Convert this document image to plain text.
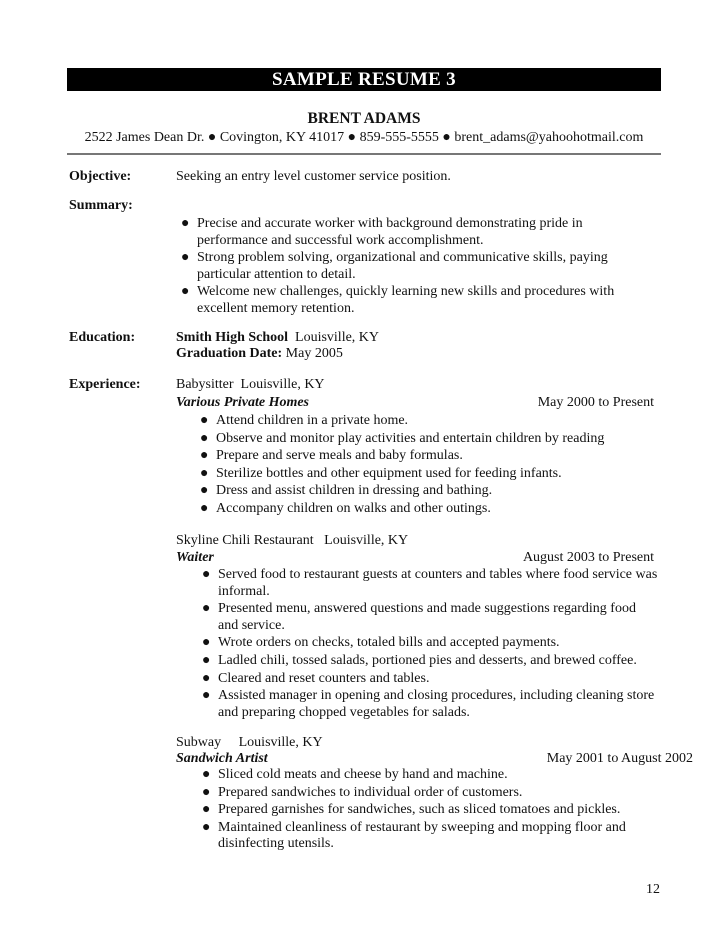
SAMPLE RESUME 3
BRENT ADAMS
2522 James Dean Dr. ● Covington, KY 41017 ● 859-555-5555 ● brent_adams@yahoohotmail.com
Objective:	Seeking an entry level customer service position.
Summary:
● Precise and accurate worker with background demonstrating pride in performance and successful work accomplishment.
● Strong problem solving, organizational and communicative skills, paying particular attention to detail.
● Welcome new challenges, quickly learning new skills and procedures with excellent memory retention.
Education:	Smith High School Louisville, KY
Graduation Date: May 2005
Experience:	Babysitter Louisville, KY
Various Private Homes	May 2000 to Present
● Attend children in a private home.
● Observe and monitor play activities and entertain children by reading
● Prepare and serve meals and baby formulas.
● Sterilize bottles and other equipment used for feeding infants.
● Dress and assist children in dressing and bathing.
● Accompany children on walks and other outings.
Skyline Chili Restaurant Louisville, KY
Waiter	August 2003 to Present
● Served food to restaurant guests at counters and tables where food service was informal.
● Presented menu, answered questions and made suggestions regarding food and service.
● Wrote orders on checks, totaled bills and accepted payments.
● Ladled chili, tossed salads, portioned pies and desserts, and brewed coffee.
● Cleared and reset counters and tables.
● Assisted manager in opening and closing procedures, including cleaning store and preparing chopped vegetables for salads.
Subway Louisville, KY
Sandwich Artist	May 2001 to August 2002
● Sliced cold meats and cheese by hand and machine.
● Prepared sandwiches to individual order of customers.
● Prepared garnishes for sandwiches, such as sliced tomatoes and pickles.
● Maintained cleanliness of restaurant by sweeping and mopping floor and disinfecting utensils.
12
